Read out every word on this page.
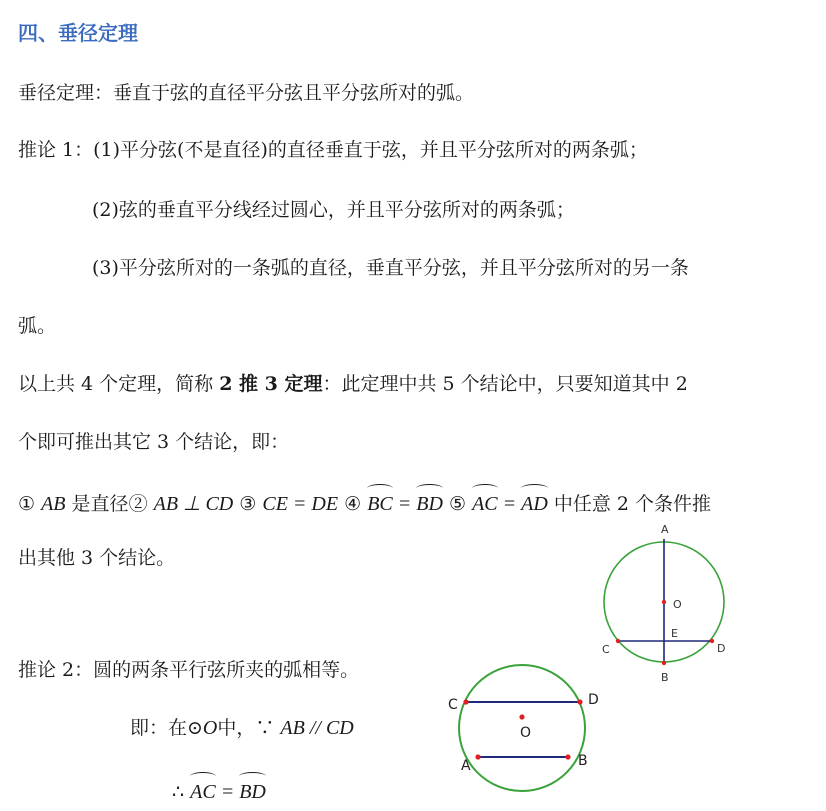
四、垂径定理
垂径定理：垂直于弦的直径平分弦且平分弦所对的弧。
推论 1：(1)平分弦(不是直径)的直径垂直于弦，并且平分弦所对的两条弧；
(2)弦的垂直平分线经过圆心，并且平分弦所对的两条弧；
(3)平分弦所对的一条弧的直径，垂直平分弦，并且平分弦所对的另一条
弧。
以上共 4 个定理，简称 2 推 3 定理：此定理中共 5 个结论中，只要知道其中 2
个即可推出其它 3 个结论，即：
① AB 是直径② AB ⊥ CD ③ CE = DE ④ BC = BD ⑤ AC = AD 中任意 2 个条件推
出其他 3 个结论。
推论 2：圆的两条平行弦所夹的弧相等。
即：在⊙O中，∵ AB // CD
∴ AC = BD
A
O
E
C	D
B
C	D
O
A	B
